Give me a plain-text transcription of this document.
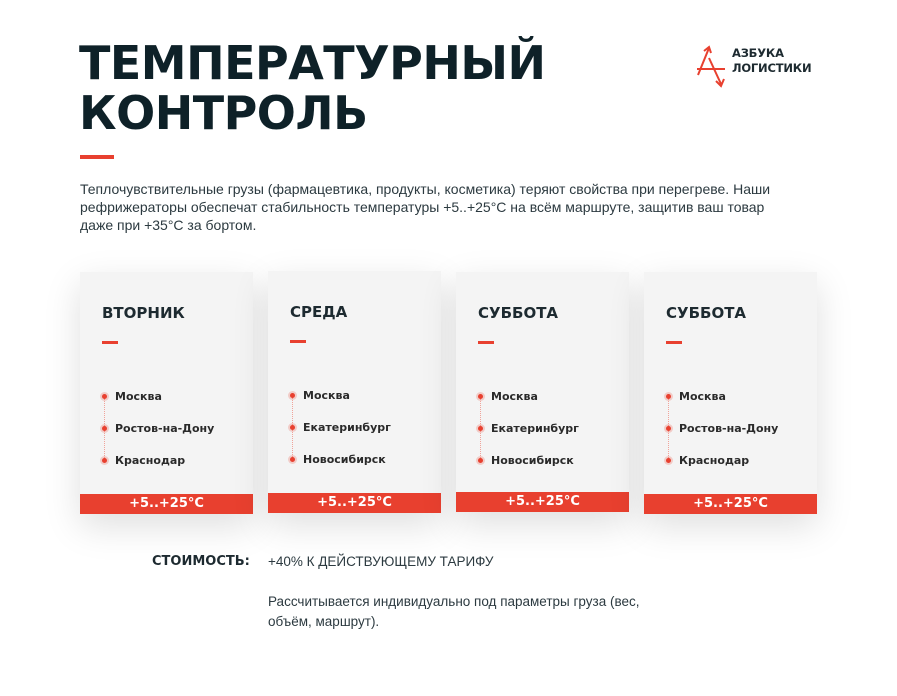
ТЕМПЕРАТУРНЫЙ
КОНТРОЛЬ

Теплочувствительные грузы (фармацевтика, продукты, косметика) теряют свойства при перегреве. Наши рефрижераторы обеспечат стабильность температуры +5..+25°C на всём маршруте, защитив ваш товар даже при +35°C за бортом.

АЗБУКА
ЛОГИСТИКИ
ВТОРНИК
Москва
Ростов-на-Дону
Краснодар
+5..+25°C
СРЕДА
Москва
Екатеринбург
Новосибирск
+5..+25°C
СУББОТА
Москва
Екатеринбург
Новосибирск
+5..+25°C
СУББОТА
Москва
Ростов-на-Дону
Краснодар
+5..+25°C

СТОИМОСТЬ: +40% К ДЕЙСТВУЮЩЕМУ ТАРИФУ

Рассчитывается индивидуально под параметры груза (вес, объём, маршрут).
